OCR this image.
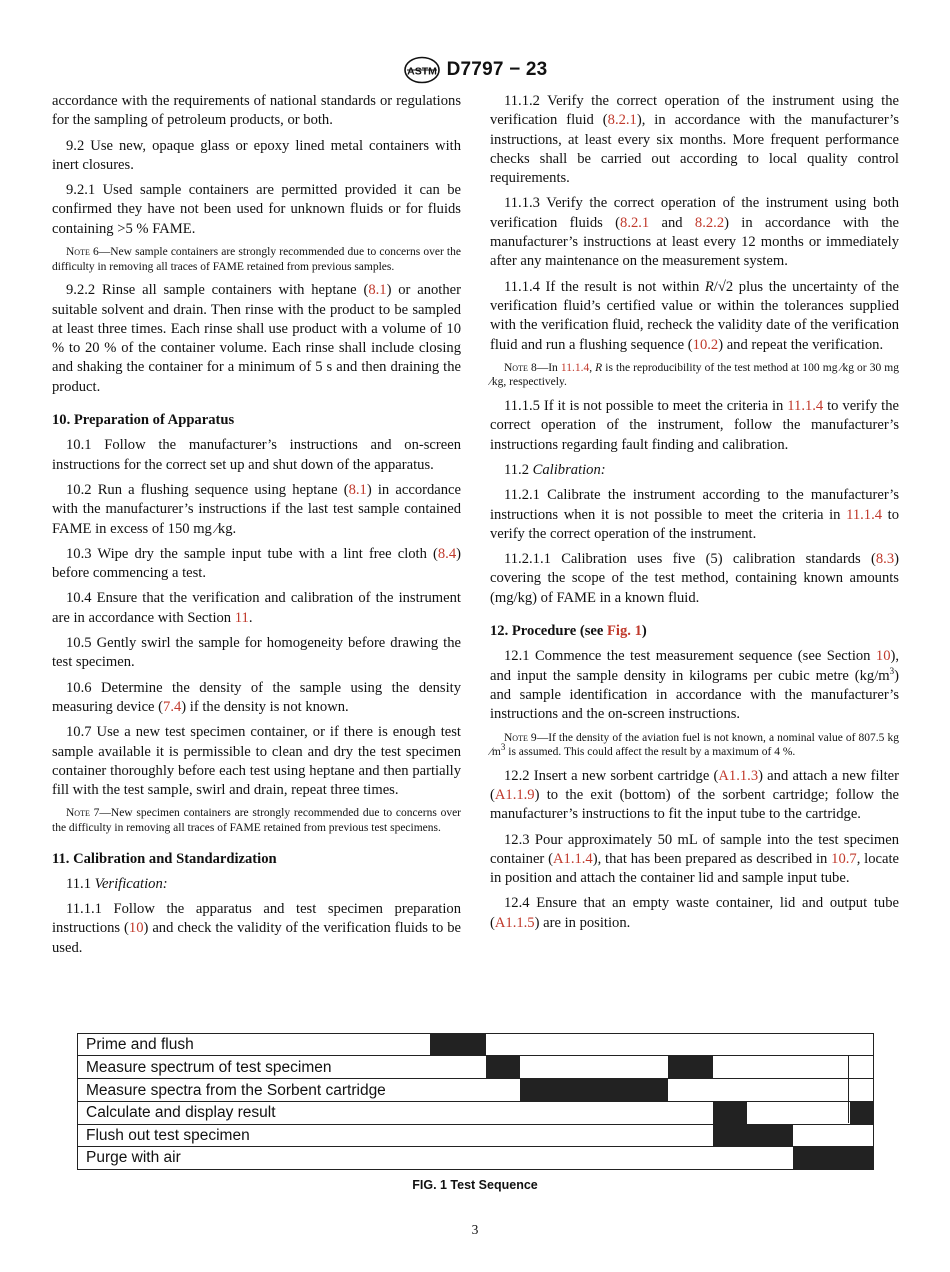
ASTM D7797 − 23

accordance with the requirements of national standards or regulations for the sampling of petroleum products, or both.

9.2 Use new, opaque glass or epoxy lined metal containers with inert closures.

9.2.1 Used sample containers are permitted provided it can be confirmed they have not been used for unknown fluids or for fluids containing >5 % FAME.

Note 6—New sample containers are strongly recommended due to concerns over the difficulty in removing all traces of FAME retained from previous samples.

9.2.2 Rinse all sample containers with heptane (8.1) or another suitable solvent and drain. Then rinse with the product to be sampled at least three times. Each rinse shall use product with a volume of 10 % to 20 % of the container volume. Each rinse shall include closing and shaking the container for a minimum of 5 s and then draining the product.

10. Preparation of Apparatus

10.1 Follow the manufacturer’s instructions and on-screen instructions for the correct set up and shut down of the apparatus.

10.2 Run a flushing sequence using heptane (8.1) in accordance with the manufacturer’s instructions if the last test sample contained FAME in excess of 150 mg ⁄kg.

10.3 Wipe dry the sample input tube with a lint free cloth (8.4) before commencing a test.

10.4 Ensure that the verification and calibration of the instrument are in accordance with Section 11.

10.5 Gently swirl the sample for homogeneity before drawing the test specimen.

10.6 Determine the density of the sample using the density measuring device (7.4) if the density is not known.

10.7 Use a new test specimen container, or if there is enough test sample available it is permissible to clean and dry the test specimen container thoroughly before each test using heptane and then partially fill with the test sample, swirl and drain, repeat three times.

Note 7—New specimen containers are strongly recommended due to concerns over the difficulty in removing all traces of FAME retained from previous test specimens.

11. Calibration and Standardization

11.1 Verification:

11.1.1 Follow the apparatus and test specimen preparation instructions (10) and check the validity of the verification fluids to be used.

11.1.2 Verify the correct operation of the instrument using the verification fluid (8.2.1), in accordance with the manufacturer’s instructions, at least every six months. More frequent performance checks shall be carried out according to local quality control requirements.

11.1.3 Verify the correct operation of the instrument using both verification fluids (8.2.1 and 8.2.2) in accordance with the manufacturer’s instructions at least every 12 months or immediately after any maintenance on the measurement system.

11.1.4 If the result is not within R/√2 plus the uncertainty of the verification fluid’s certified value or within the tolerances supplied with the verification fluid, recheck the validity date of the verification fluid and run a flushing sequence (10.2) and repeat the verification.

Note 8—In 11.1.4, R is the reproducibility of the test method at 100 mg ⁄kg or 30 mg ⁄kg, respectively.

11.1.5 If it is not possible to meet the criteria in 11.1.4 to verify the correct operation of the instrument, follow the manufacturer’s instructions regarding fault finding and calibration.

11.2 Calibration:

11.2.1 Calibrate the instrument according to the manufacturer’s instructions when it is not possible to meet the criteria in 11.1.4 to verify the correct operation of the instrument.

11.2.1.1 Calibration uses five (5) calibration standards (8.3) covering the scope of the test method, containing known amounts (mg/kg) of FAME in a known fluid.

12. Procedure (see Fig. 1)

12.1 Commence the test measurement sequence (see Section 10), and input the sample density in kilograms per cubic metre $(kg/m^3)$ and sample identification in accordance with the manufacturer’s instructions and the on-screen instructions.

Note 9—If the density of the aviation fuel is not known, a nominal value of 807.5 kg $⁄m^3$ is assumed. This could affect the result by a maximum of 4 %.

12.2 Insert a new sorbent cartridge (A1.1.3) and attach a new filter (A1.1.9) to the exit (bottom) of the sorbent cartridge; follow the manufacturer’s instructions to fit the input tube to the cartridge.

12.3 Pour approximately 50 mL of sample into the test specimen container (A1.1.4), that has been prepared as described in 10.7, locate in position and attach the container lid and sample input tube.

12.4 Ensure that an empty waste container, lid and output tube (A1.1.5) are in position.

Prime and flush
Measure spectrum of test specimen
Measure spectra from the Sorbent cartridge
Calculate and display result
Flush out test specimen
Purge with air
FIG. 1 Test Sequence
3
